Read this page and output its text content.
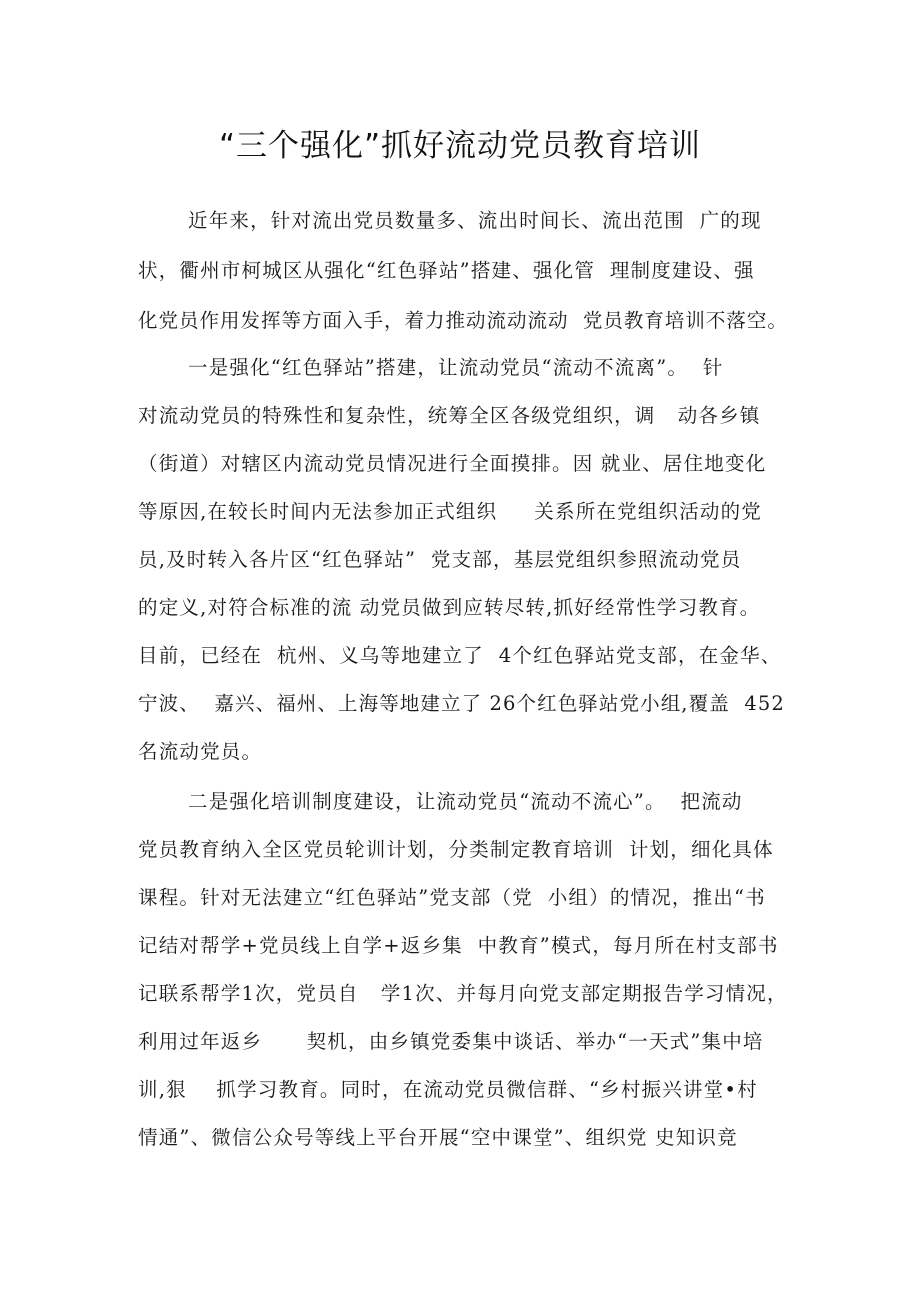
“三个强化”抓好流动党员教育培训
近年来，针对流出党员数量多、流出时间长、流出范围  广的现
状，衢州市柯城区从强化“红色驿站”搭建、强化管  理制度建设、强
化党员作用发挥等方面入手，着力推动流动流动  党员教育培训不落空。
一是强化“红色驿站”搭建，让流动党员“流动不流离”。  针
对流动党员的特殊性和复杂性，统筹全区各级党组织，调   动各乡镇
（街道）对辖区内流动党员情况进行全面摸排。因 就业、居住地变化
等原因,在较长时间内无法参加正式组织     关系所在党组织活动的党
员,及时转入各片区“红色驿站”  党支部，基层党组织参照流动党员
的定义,对符合标准的流 动党员做到应转尽转,抓好经常性学习教育。
目前，已经在  杭州、义乌等地建立了  4个红色驿站党支部，在金华、
宁波、  嘉兴、福州、上海等地建立了 26个红色驿站党小组,覆盖  452
名流动党员。
二是强化培训制度建设，让流动党员“流动不流心”。  把流动
党员教育纳入全区党员轮训计划，分类制定教育培训  计划，细化具体
课程。针对无法建立“红色驿站”党支部（党  小组）的情况，推出“书
记结对帮学+党员线上自学+返乡集  中教育”模式，每月所在村支部书
记联系帮学1次，党员自   学1次、并每月向党支部定期报告学习情况，
利用过年返乡      契机，由乡镇党委集中谈话、举办“一天式”集中培
训,狠    抓学习教育。同时，在流动党员微信群、“乡村振兴讲堂•村
情通”、微信公众号等线上平台开展“空中课堂”、组织党 史知识竞
